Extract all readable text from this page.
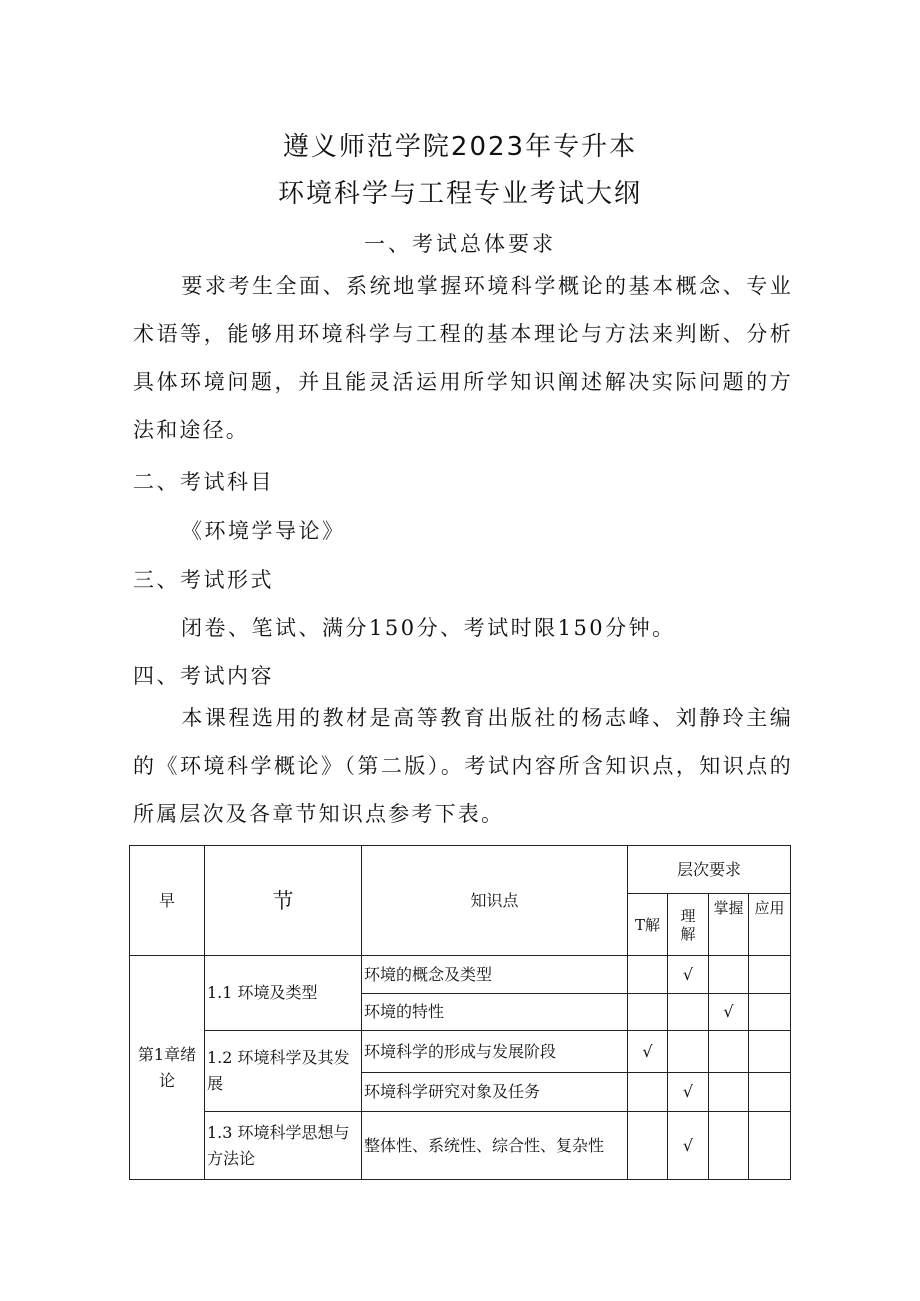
遵义师范学院2023年专升本
环境科学与工程专业考试大纲
一、考试总体要求
要求考生全面、系统地掌握环境科学概论的基本概念、专业术语等，能够用环境科学与工程的基本理论与方法来判断、分析具体环境问题，并且能灵活运用所学知识阐述解决实际问题的方法和途径。
二、考试科目
《环境学导论》
三、考试形式
闭卷、笔试、满分150分、考试时限150分钟。
四、考试内容
本课程选用的教材是高等教育出版社的杨志峰、刘静玲主编的《环境科学概论》（第二版）。考试内容所含知识点，知识点的所属层次及各章节知识点参考下表。
早	节	知识点	层次要求			
			T解	理解	掌握	应用
第1章绪论	1.1 环境及类型	环境的概念及类型		√		
		环境的特性			√	
	1.2 环境科学及其发展	环境科学的形成与发展阶段	√			
		环境科学研究对象及任务		√		
	1.3 环境科学思想与方法论	整体性、系统性、综合性、复杂性		√		
